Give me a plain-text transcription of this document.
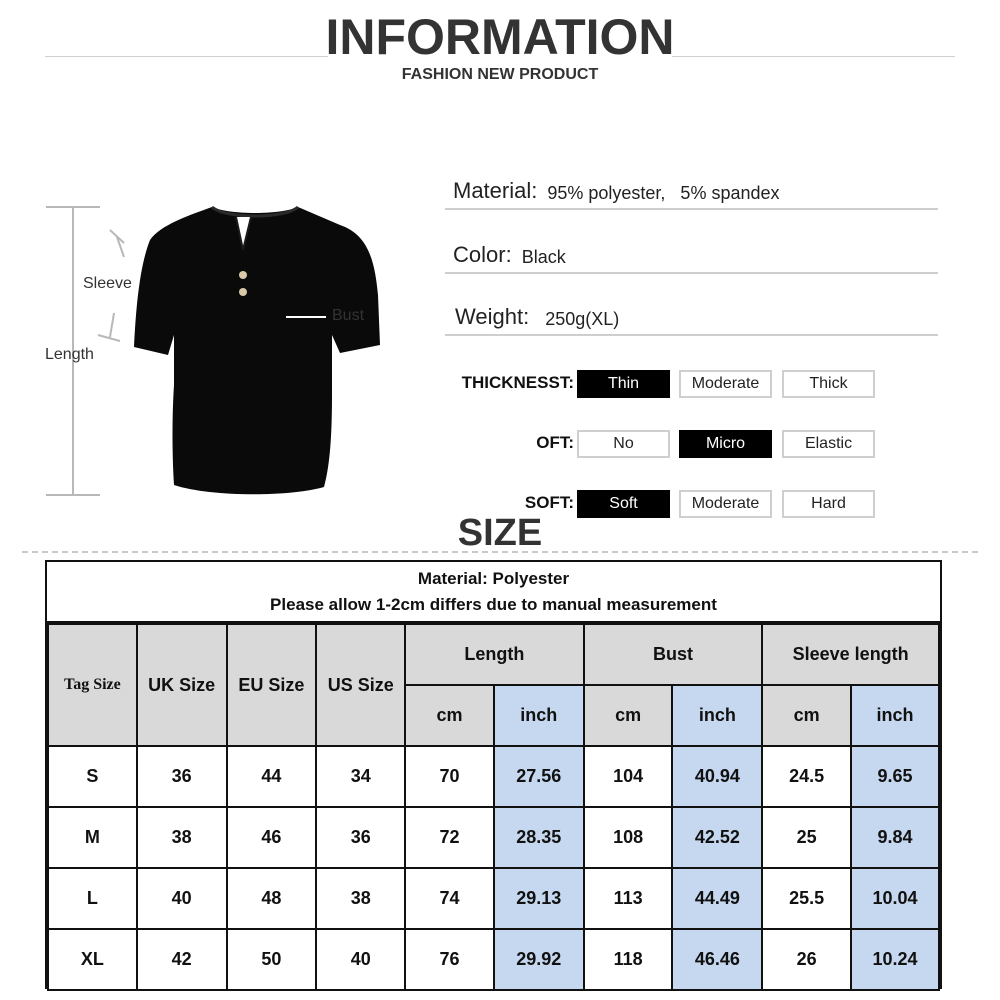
INFORMATION
FASHION NEW PRODUCT
Sleeve
Bust
Length
Material: 95% polyester,   5% spandex
Color: Black
Weight: 250g(XL)
THICKNESST:	Thin	Moderate	Thick
OFT:	No	Micro	Elastic
SOFT:	Soft	Moderate	Hard
SIZE
Material: Polyester
Please allow 1-2cm differs due to manual measurement
Tag Size	UK Size	EU Size	US Size	Length		Bust		Sleeve length	
				cm	inch	cm	inch	cm	inch
S	36	44	34	70	27.56	104	40.94	24.5	9.65
M	38	46	36	72	28.35	108	42.52	25	9.84
L	40	48	38	74	29.13	113	44.49	25.5	10.04
XL	42	50	40	76	29.92	118	46.46	26	10.24
